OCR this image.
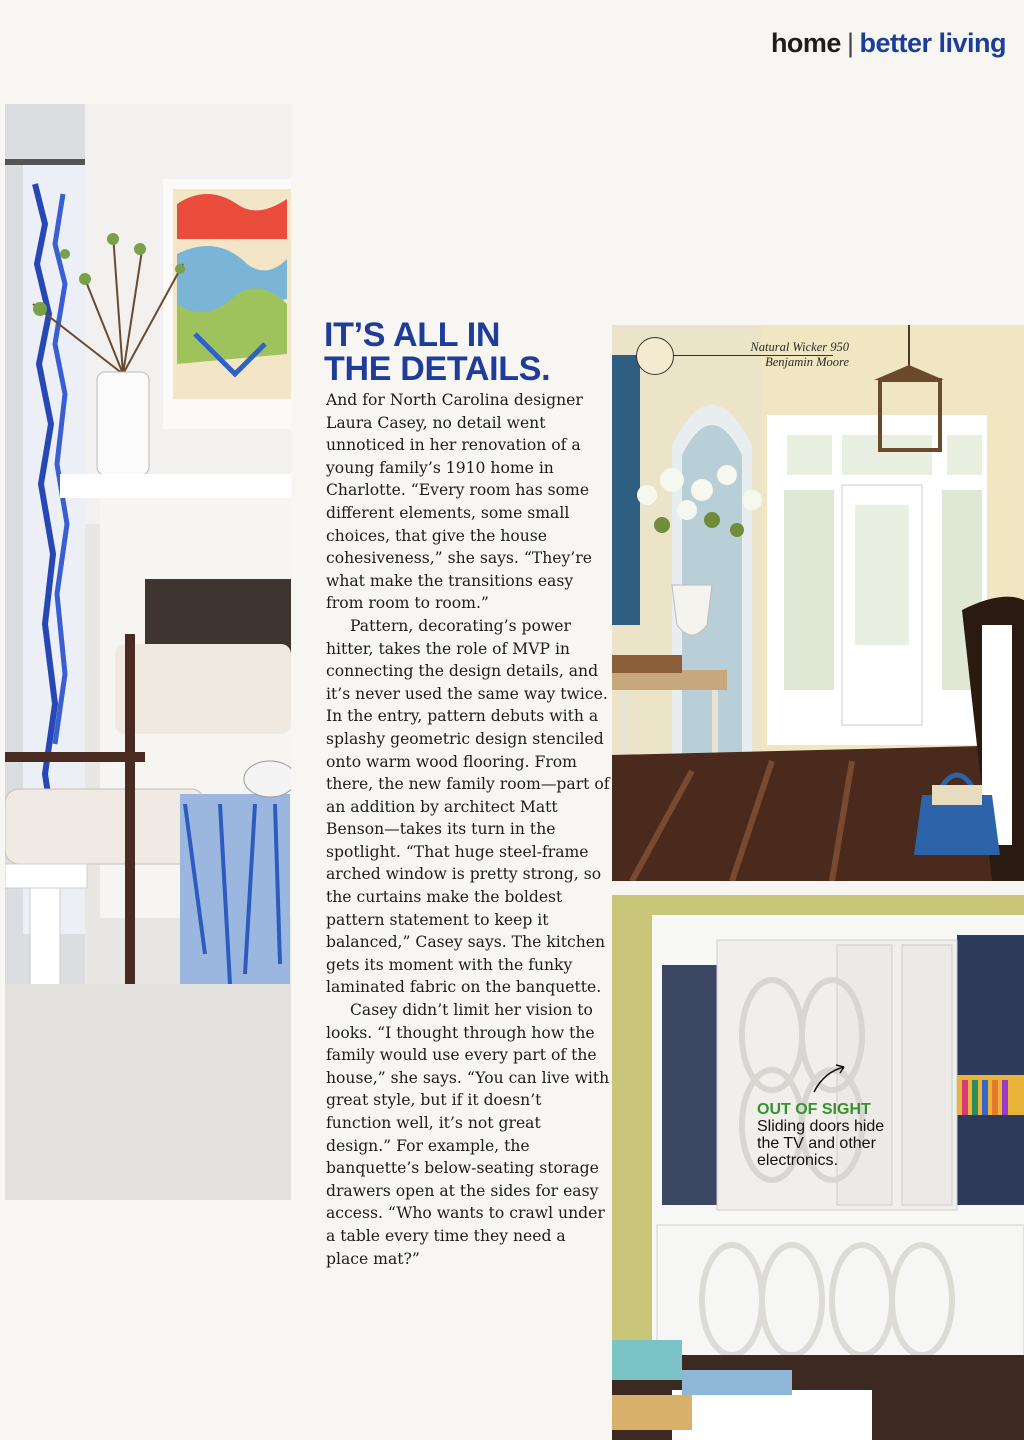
home | better living
IT’S ALL IN
THE DETAILS.

And for North Carolina designer Laura Casey, no detail went unnoticed in her renovation of a young family’s 1910 home in Charlotte. “Every room has some different elements, some small choices, that give the house cohesiveness,” she says. “They’re what make the transitions easy from room to room.”

Pattern, decorating’s power hitter, takes the role of MVP in connecting the design details, and it’s never used the same way twice. In the entry, pattern debuts with a splashy geometric design stenciled onto warm wood flooring. From there, the new family room—part of an addition by architect Matt Benson—takes its turn in the spotlight. “That huge steel-frame arched window is pretty strong, so the curtains make the boldest pattern statement to keep it balanced,” Casey says. The kitchen gets its moment with the funky laminated fabric on the banquette.

Casey didn’t limit her vision to looks. “I thought through how the family would use every part of the house,” she says. “You can live with great style, but if it doesn’t function well, it’s not great design.” For example, the banquette’s below-seating storage drawers open at the sides for easy access. “Who wants to crawl under a table every time they need a place mat?”

Natural Wicker 950
Benjamin Moore
OUT OF SIGHT
Sliding doors hide the TV and other electronics.
